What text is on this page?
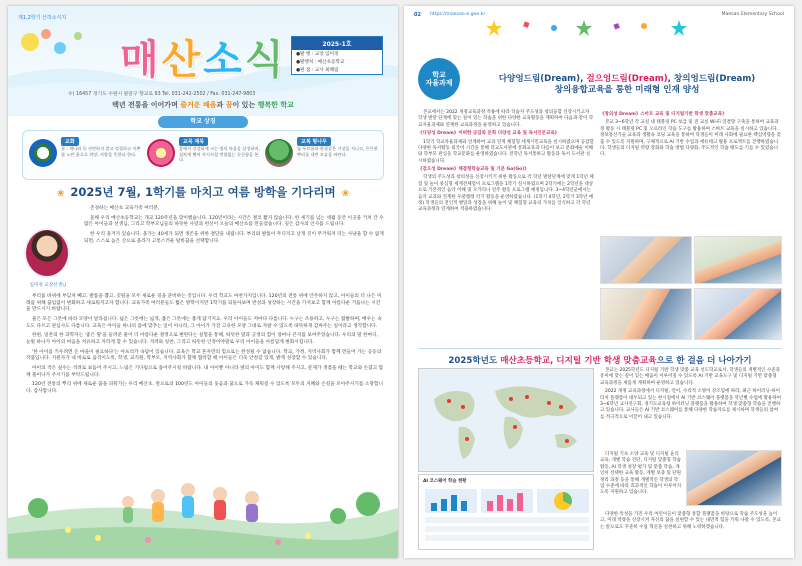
제1,2학기 산하소식지
매산소식	2025-1호
●발 행 : 교장 임미경
●발행처 : 매산초등학교
●편 집 : 교사 최혜림
우) 16457 경기도 수원시 팔달구 향교로 93 Tel. 031-242-2502 / Fax. 031-247-9803
백년 전통을 이어가며 즐거운 배움과 꿈이 있는 행복한 학교
학교 상징
교화
꽃 : 개나리 등 산만하지 않고 정결하고 이쁜 꽃 노란 꽃으로 희망, 사랑을 뜻한다 한다.
교목 재목
몸에서 건강하게 크는 정의 마음을 상징하며, 힘차게 뻗어 사시사철 변함없는 꿋꿋함을 본다.
교복 형나무
늘 푸르름과 한결같은 기상을 지니고, 튼튼한 뿌리를 내린 모습을 바란다.
❀ 2025년 7월, 1학기를 마치고 여름 방학을 기다리며 ❀
임미경 교장선생님

존경하는 매산초 교육가족 여러분,

올해 우리 매산초등학교는 개교 120주년을 맞이했습니다. 120년이라는 시간은 결코 짧지 않습니다. 한 세기를 넘는 세월 동안 이곳을 거쳐 간 수많은 아이들과 선생님, 그리고 학부모님들의 따뜻한 사랑과 헌신이 오늘의 매산초를 만들었습니다. 깊은 감사의 인사를 드립니다.

한 우리 올겨가 있습니다. 올가는 40세가 되면 생존을 위한 결단을 내립니다. 부리와 발톱이 무디지고 날개 깃이 무거워져 더는 사냥을 할 수 없게 되면, 스스로 높은 산으로 올라가 고통스러운 탈바꿈을 선택합니다.

부리를 바위에 부딪쳐 빼고, 발톱을 뽑고, 깃털을 모두 새로운 길을 준비하는 것입니다. 우리 학교도 마찬가지입니다. 120년의 전통 위에 안주하지 않고, 아이들의 더 나은 미래를 위해 끊임없이 변화하고 새로워지고자 합니다. 교육가족 여러분들도 짧은 방학이지만 1학기를 되돌아보며 반성과 성장하는 시간을 가져보고 함께 아름다운 거듭나는 시간을 만드시기 바랍니다.

물은 모든 그릇에 따라 모양이 달라집니다. 넓은 그릇에는 넓게, 좁은 그릇에는 좁게 담기지요. 우리 아이들도 저마다 다릅니다. 누구는 조용하고, 누구는 활발하며, 배우는 속도도 다르고 관심사도 다릅니다. 교육은 아이들 하나의 틀에 맞추는 일이 아니라, 그 아이가 가진 고유한 모양 그대로 자랄 수 있도록 따뜻하게 감싸주는 일이라고 생각합니다.

한편, 일본의 한 과학자는 '좋은 말'을 들려준 물이 더 아름다운 결정으로 변한다는 실험을 통해, 따뜻한 말과 긍정의 힘이 얼마나 큰지를 보여주었습니다. 우리의 말 한마디, 눈빛 하나가 아이의 마음을 치유하고 자라게 할 수 있습니다. 격려와 칭찬, 그리고 따뜻한 인정이야말로 우리 아이들을 아름답게 변화시킵니다.

'한 아이를 키우려면 온 마을이 필요하다'는 아프리카 속담이 있습니다. 교육은 학교 혼자만의 힘으로는 완성될 수 없습니다. 학교, 가정, 지역사회가 함께 만들어 가는 공동의 작품입니다. 지원자가 내 바로로 움직이도록, 학생, 교직원, 학부모, 지역사회가 함께 협력할 때 아이들은 더욱 안정감 있게, 밝게 성장할 수 있습니다.

아이의 작은 실수는 격려로 보듬어 주시고, 느림은 기다림으로 품어주시길 바랍니다. 내 아이뿐 아니라 옆의 아이도 함께 사랑해 주시고, 문제가 생겼을 때는 학교와 손잡고 함께 풀어나가 주시기를 부탁드립니다.

120년 전통의 뿌리 위에 새로운 꿈을 피워가는 우리 매산초. 앞으로의 100년도 아이들의 웃음과 꿈으로 가득 채워질 수 있도록 모두의 지혜와 손길을 모아주시기를 소망합니다. 감사합니다.

02 https://maesan-e.goe.kr	Maesan Elementary School
학교
자율과제	다양엉드림(Dream), 걸으엉드림(Dream), 창의엉드림(Dream)
창의융합교육을 통한 미래형 인재 양성

본교에서는 2022 개정교육과정 적용에 따라 학습자 주도성과 창의융합 신장시키고자 학생 발달 단계에 맞는 깊이 있는 학습을 위한 다양한 교육활동을 계획하여 다음과 같이 학교자율과제와 연계한 교육과정을 운영하고 있습니다.

《다양성 Dream》어떠한 공감와 문화 다양성 교육 및 독서인문교육》

1학기 학교자율과제와 연계하여 교과 연계 체험형 세계시민교육을 실시하였으며 공감할 다양한 독서활동 외국어 시간을 통해 학교도서관에 문화교육과 다름이 보고 문화예술 이해와 학부모 관심을 학교문화를 운영하였습니다. 전학년 독서통하고 활동과 독서 도서관 실시하였습니다.

《걸으성 Dream》해결형학습교육 및 기본 Go(Go)》

학생의 주도성과 창의성을 신장시키기 위한 활동으로 각 학년 발달단계에 맞게 1학년 체험 및 놀이 중심형 세계전체험이 프로그램을 1학기 실시하였으며 2학기에는 2학년을 대상으로 기본적인 음악 이해 및 오카리나 연주 활동 프로그램 예정입니다. 3~4학년군에서는 음악 교과와 연계한 우쿨렐레 악기 활동을 운영하였습니다. (1학기 4학년, 2학기 3학년 예정) 학생들의 전인적 발달과 성장을 위해 놀이 및 체험형 교육의 가치를 인식하고 각 학년 교육과정과 연계하여 적용하였습니다.

《창의성 Dream》스마트 교육 및 디지털기반 학생 맞춤교육》

본교 3~6학년 각 교실 내 태블릿 PC 보급 및 전 교실 Wi-Fi 연결망 구축을 통하여 교육과정 활동 시 태블릿 PC 및 오프라인 학습 도구를 활용하며 스마트 교육을 실시하고 있습니다. 정보통신기술 교육과 생활속 코딩 교육을 통하여 학생들이 미래 사회에 필요한 핵심역량을 갖출 수 있도록 지원하며, 구체적으로 AI 기반 수업과 에듀테크 활용 프로젝트를 진행하였습니다. 학생들의 디지털 역량 강화와 학습 방법 다양화, 주도적인 학습 태도를 기를 수 있었습니다.

2025학년도 매산초등학교, 디지털 기반 학생 맞춤교육으로 한 걸음 더 나아가기
AI 코스웨어 학습 현황

본교는 2025학년도 디지털 기반 학생 맞춤 교육 선도학교로서, 학생들의 개별적인 수준과 흥미에 맞는 깊이 있는 배움이 이루어질 수 있도록 AI 기반 교육도구 및 디지털 기반 맞춤형 교육과정을 새롭게 계획하여 운영하고 있습니다.

2022 개정 교육과정에서 디지털, 언어, 수리적 소양이 강조됨에 따라, 최근 하이러닝·하이티처 플랫폼이 대두되고 있는 현시점에서 AI 기반 코스웨어 플랫폼을 학년별 수업에 활용하여 3~6학년 교사연구회, 경기도교육청 하이러닝 플랫폼을 활용하여 학생 맞춤형 학습을 진행하고 있습니다. 교사들은 AI 기반 코스웨어를 통해 다양한 학습자료를 제시하며 학생들의 참여를 적극적으로 이끌어 내고 있습니다.

디지털 기초 소양 교육 및 디지털 윤리 교육, 개별 학습 진단, 디지털 맞춤형 학습 활동, AI 학생 성장 평가 및 맞춤 학습, 개인이 선택한 교육 활동, 개별 보충 및 단원 정리 과정 등을 통해 개별적인 학생의 학업 수준에 따라 효과적인 학습이 이루어지도록 지원하고 있습니다.

다양한 특성을 가진 우리 어린이들이 맞춤형 통합 플랫폼을 바탕으로 학습 주도성을 높이고, 미래 역량을 신장시켜 자신의 꿈을 실현할 수 있는 내면적 힘을 키워 나갈 수 있도록, 본교는 앞으로도 꾸준히 수업 혁신을 실천하고 위해 노력하겠습니다.
